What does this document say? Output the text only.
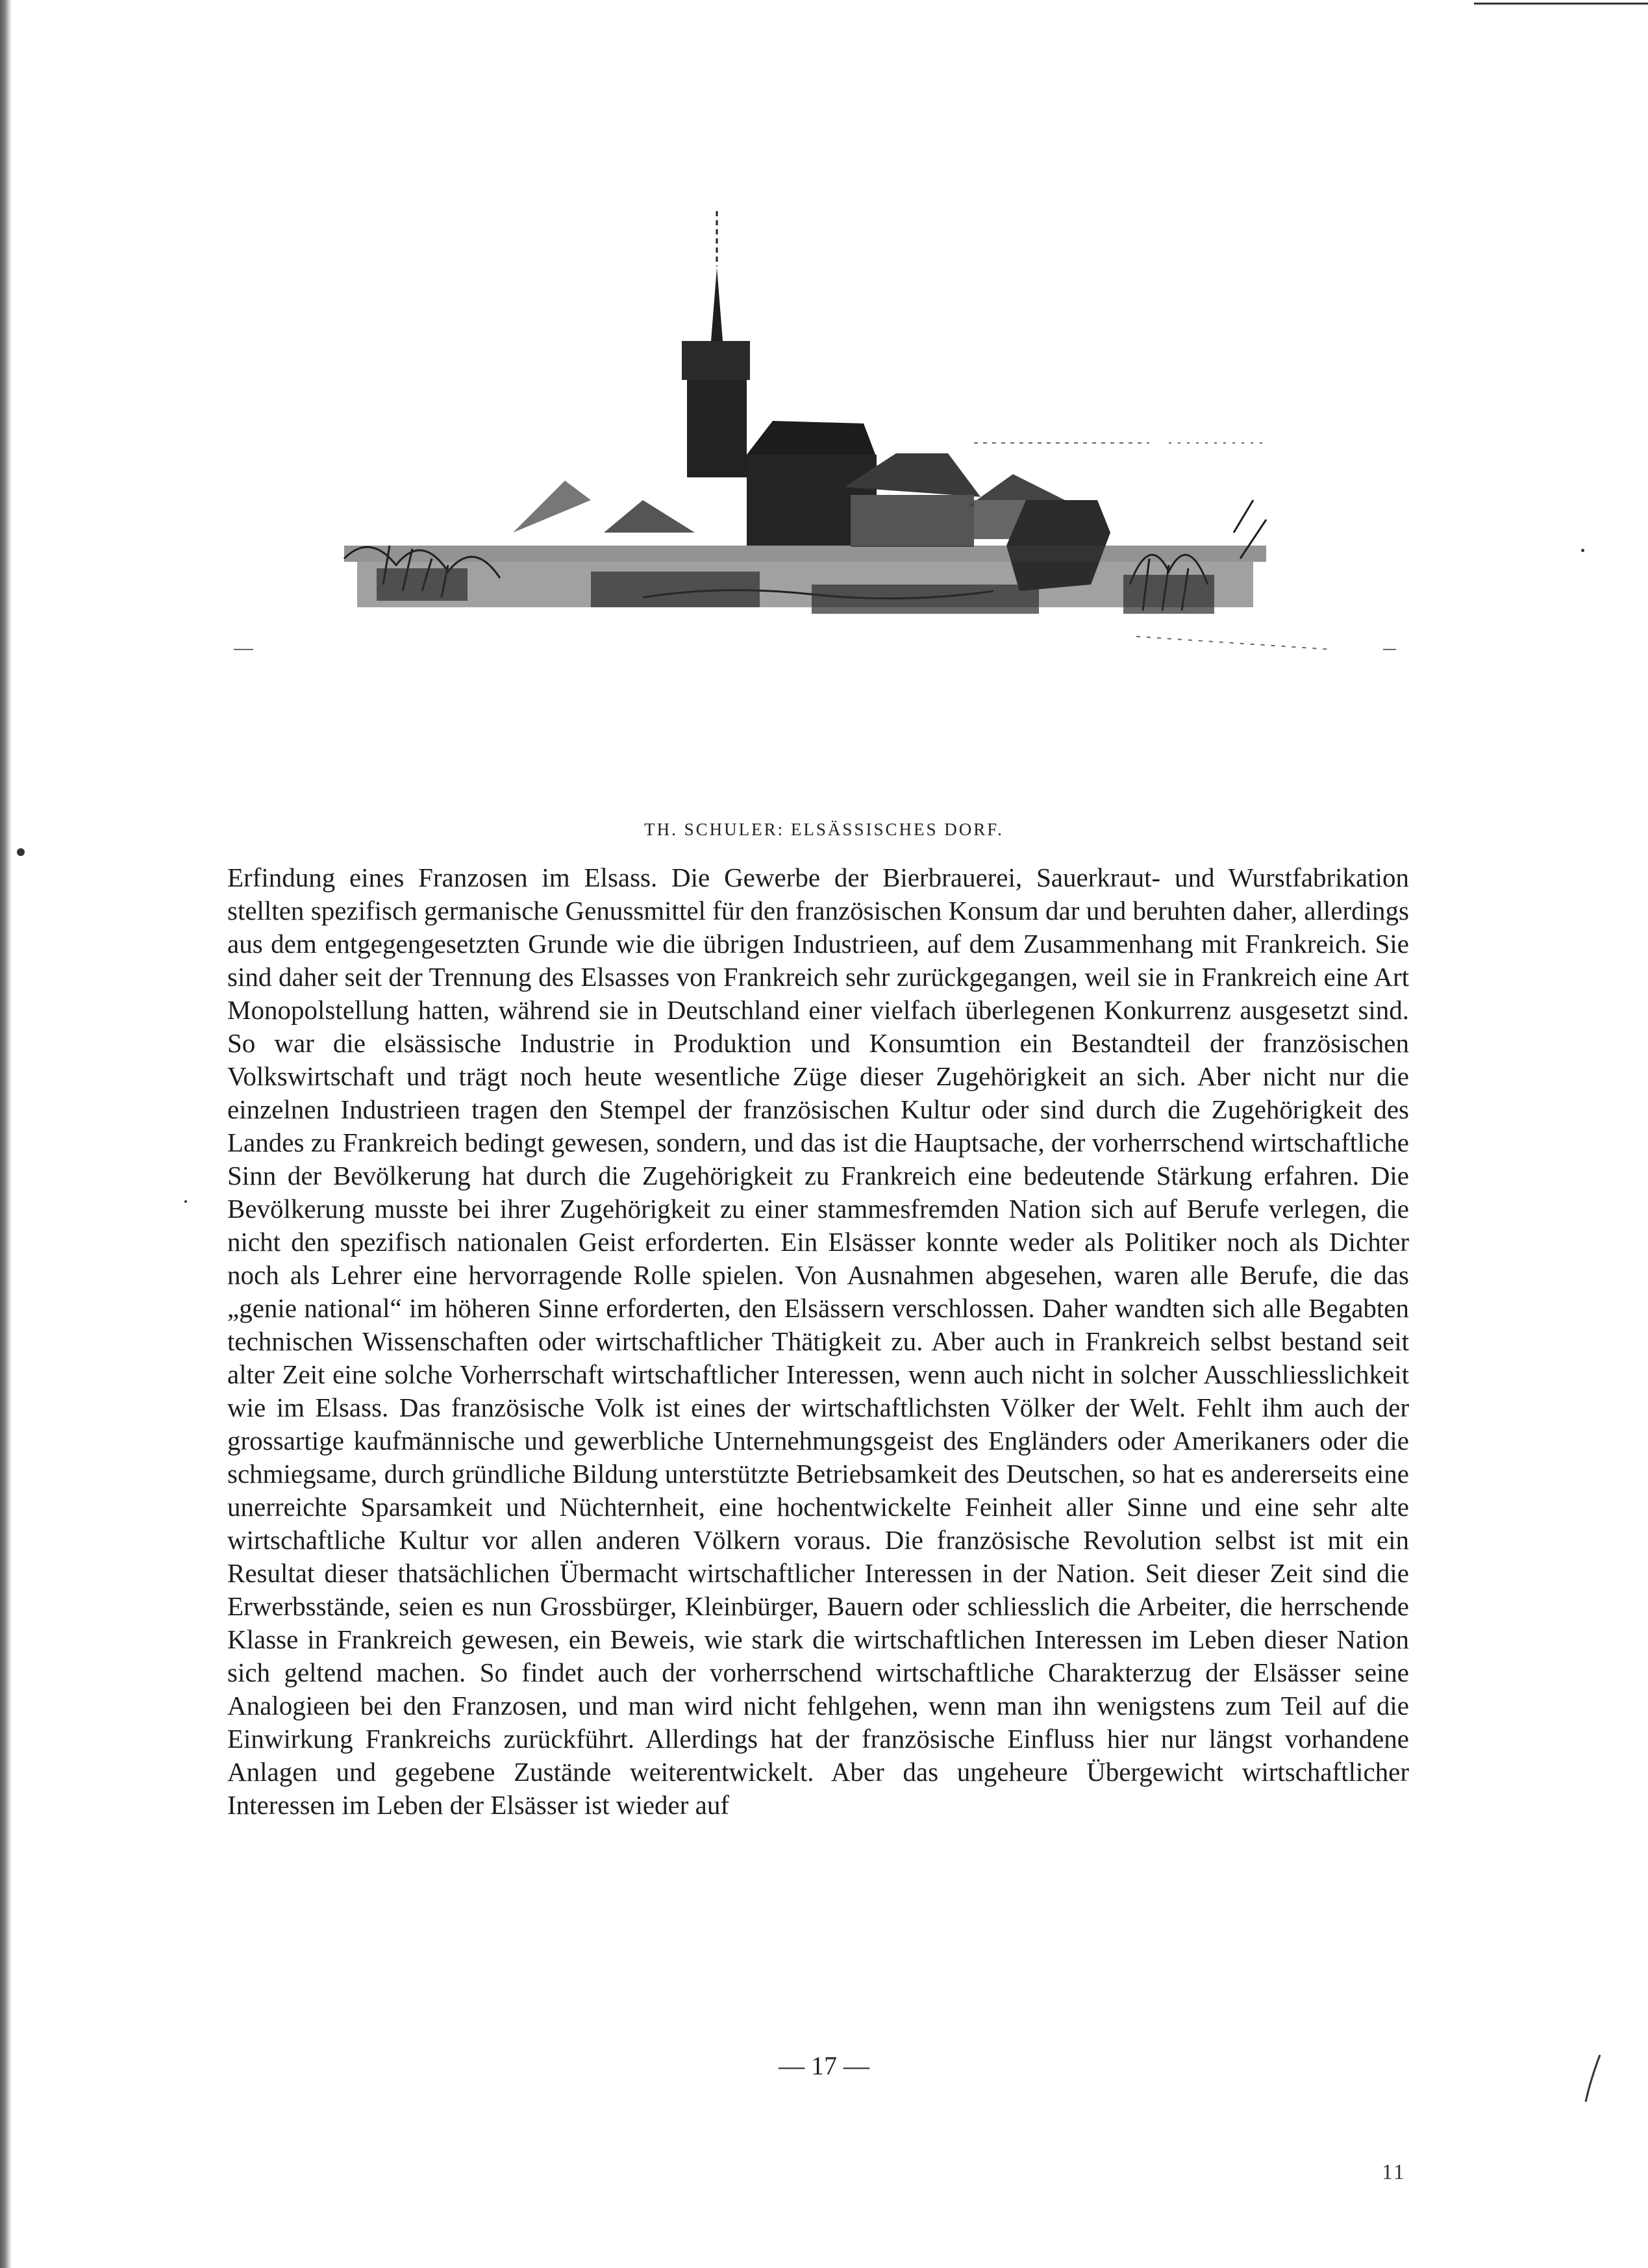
TH. SCHULER: ELSÄSSISCHES DORF.

Erfindung eines Franzosen im Elsass. Die Gewerbe der Bierbrauerei, Sauerkraut- und Wurstfabrikation stellten spezifisch germanische Genussmittel für den französischen Konsum dar und beruhten daher, allerdings aus dem entgegengesetzten Grunde wie die übrigen Industrieen, auf dem Zusammenhang mit Frankreich. Sie sind daher seit der Trennung des Elsasses von Frankreich sehr zurückgegangen, weil sie in Frankreich eine Art Monopolstellung hatten, während sie in Deutschland einer vielfach überlegenen Konkurrenz ausgesetzt sind. So war die elsässische Industrie in Produktion und Konsumtion ein Bestandteil der französischen Volkswirtschaft und trägt noch heute wesentliche Züge dieser Zugehörigkeit an sich. Aber nicht nur die einzelnen Industrieen tragen den Stempel der französischen Kultur oder sind durch die Zugehörigkeit des Landes zu Frankreich bedingt gewesen, sondern, und das ist die Hauptsache, der vorherrschend wirtschaftliche Sinn der Bevölkerung hat durch die Zugehörigkeit zu Frankreich eine bedeutende Stärkung erfahren. Die Bevölkerung musste bei ihrer Zugehörigkeit zu einer stammesfremden Nation sich auf Berufe verlegen, die nicht den spezifisch nationalen Geist erforderten. Ein Elsässer konnte weder als Politiker noch als Dichter noch als Lehrer eine hervorragende Rolle spielen. Von Ausnahmen abgesehen, waren alle Berufe, die das „genie national“ im höheren Sinne erforderten, den Elsässern verschlossen. Daher wandten sich alle Begabten technischen Wissenschaften oder wirtschaftlicher Thätigkeit zu. Aber auch in Frankreich selbst bestand seit alter Zeit eine solche Vorherrschaft wirtschaftlicher Interessen, wenn auch nicht in solcher Ausschliesslichkeit wie im Elsass. Das französische Volk ist eines der wirtschaftlichsten Völker der Welt. Fehlt ihm auch der grossartige kaufmännische und gewerbliche Unternehmungsgeist des Engländers oder Amerikaners oder die schmiegsame, durch gründliche Bildung unterstützte Betriebsamkeit des Deutschen, so hat es andererseits eine unerreichte Sparsamkeit und Nüchternheit, eine hochentwickelte Feinheit aller Sinne und eine sehr alte wirtschaftliche Kultur vor allen anderen Völkern voraus. Die französische Revolution selbst ist mit ein Resultat dieser thatsächlichen Übermacht wirtschaftlicher Interessen in der Nation. Seit dieser Zeit sind die Erwerbsstände, seien es nun Grossbürger, Kleinbürger, Bauern oder schliesslich die Arbeiter, die herrschende Klasse in Frankreich gewesen, ein Beweis, wie stark die wirtschaftlichen Interessen im Leben dieser Nation sich geltend machen. So findet auch der vorherrschend wirtschaftliche Charakterzug der Elsässer seine Analogieen bei den Franzosen, und man wird nicht fehlgehen, wenn man ihn wenigstens zum Teil auf die Einwirkung Frankreichs zurückführt. Allerdings hat der französische Einfluss hier nur längst vorhandene Anlagen und gegebene Zustände weiterentwickelt. Aber das ungeheure Übergewicht wirtschaftlicher Interessen im Leben der Elsässer ist wieder auf

— 17 —
11
